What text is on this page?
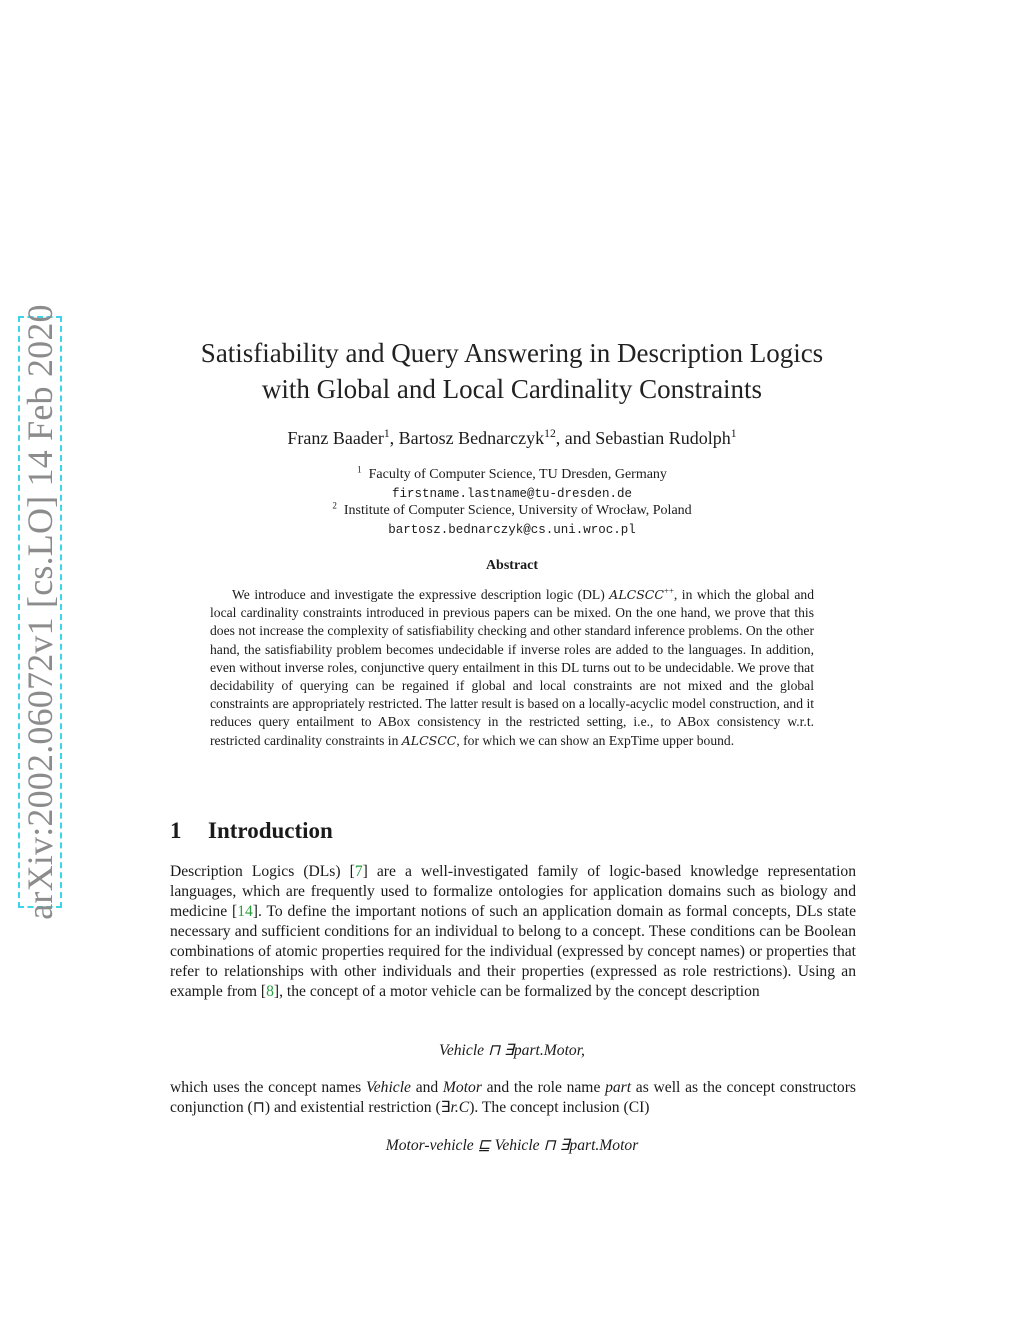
arXiv:2002.06072v1 [cs.LO] 14 Feb 2020	Satisfiability and Query Answering in Description Logics
with Global and Local Cardinality Constraints
Franz Baader$^1$, Bartosz Bednarczyk$^{12}$, and Sebastian Rudolph$^1$
$^1$ Faculty of Computer Science, TU Dresden, Germany
firstname.lastname@tu-dresden.de
$^2$ Institute of Computer Science, University of Wrocław, Poland
bartosz.bednarczyk@cs.uni.wroc.pl
Abstract
We introduce and investigate the expressive description logic (DL) ALCSCC++, in which the global and local cardinality constraints introduced in previous papers can be mixed. On the one hand, we prove that this does not increase the complexity of satisfiability checking and other standard inference problems. On the other hand, the satisfiability problem becomes undecidable if inverse roles are added to the languages. In addition, even without inverse roles, conjunctive query entailment in this DL turns out to be undecidable. We prove that decidability of querying can be regained if global and local constraints are not mixed and the global constraints are appropriately restricted. The latter result is based on a locally-acyclic model construction, and it reduces query entailment to ABox consistency in the restricted setting, i.e., to ABox consistency w.r.t. restricted cardinality constraints in ALCSCC, for which we can show an ExpTime upper bound.
1 Introduction
Description Logics (DLs) [7] are a well-investigated family of logic-based knowledge representation languages, which are frequently used to formalize ontologies for application domains such as biology and medicine [14]. To define the important notions of such an application domain as formal concepts, DLs state necessary and sufficient conditions for an individual to belong to a concept. These conditions can be Boolean combinations of atomic properties required for the individual (expressed by concept names) or properties that refer to relationships with other individuals and their properties (expressed as role restrictions). Using an example from [8], the concept of a motor vehicle can be formalized by the concept description
Vehicle ⊓ ∃part.Motor,
which uses the concept names Vehicle and Motor and the role name part as well as the concept constructors conjunction (⊓) and existential restriction (∃r.C). The concept inclusion (CI)
Motor-vehicle ⊑ Vehicle ⊓ ∃part.Motor
